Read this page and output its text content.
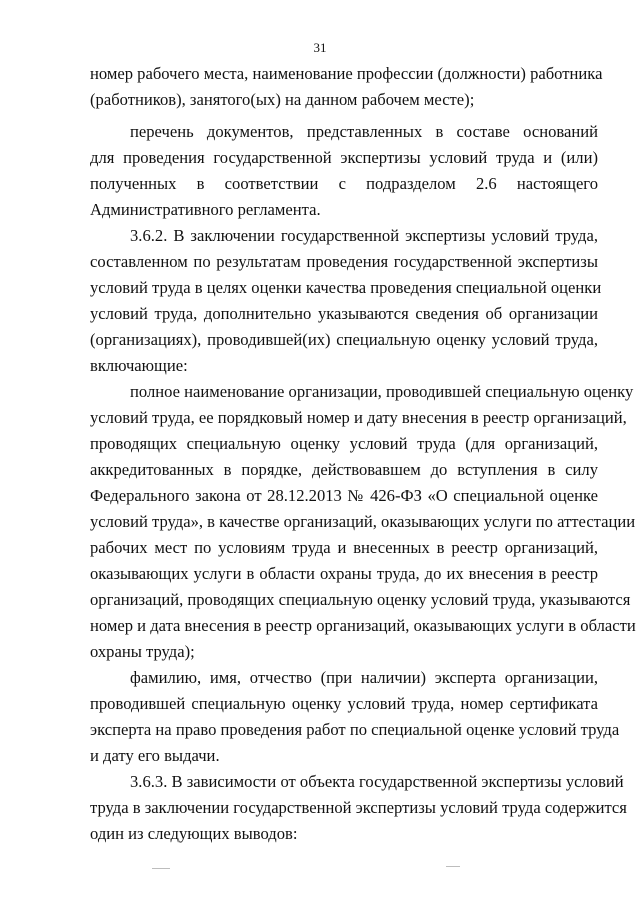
31
номер рабочего места, наименование профессии (должности) работника
(работников), занятого(ых) на данном рабочем месте);
перечень документов, представленных в составе оснований
для проведения государственной экспертизы условий труда и (или)
полученных в соответствии с подразделом 2.6 настоящего
Административного регламента.
3.6.2. В заключении государственной экспертизы условий труда,
составленном по результатам проведения государственной экспертизы
условий труда в целях оценки качества проведения специальной оценки
условий труда, дополнительно указываются сведения об организации
(организациях), проводившей(их) специальную оценку условий труда,
включающие:
полное наименование организации, проводившей специальную оценку
условий труда, ее порядковый номер и дату внесения в реестр организаций,
проводящих специальную оценку условий труда (для организаций,
аккредитованных в порядке, действовавшем до вступления в силу
Федерального закона от 28.12.2013 № 426-ФЗ «О специальной оценке
условий труда», в качестве организаций, оказывающих услуги по аттестации
рабочих мест по условиям труда и внесенных в реестр организаций,
оказывающих услуги в области охраны труда, до их внесения в реестр
организаций, проводящих специальную оценку условий труда, указываются
номер и дата внесения в реестр организаций, оказывающих услуги в области
охраны труда);
фамилию, имя, отчество (при наличии) эксперта организации,
проводившей специальную оценку условий труда, номер сертификата
эксперта на право проведения работ по специальной оценке условий труда
и дату его выдачи.
3.6.3. В зависимости от объекта государственной экспертизы условий
труда в заключении государственной экспертизы условий труда содержится
один из следующих выводов:
